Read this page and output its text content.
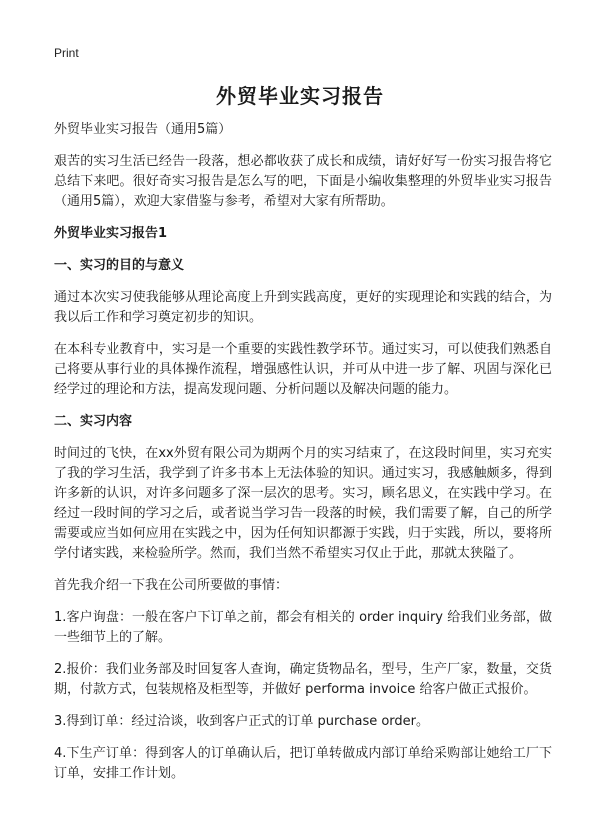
Print
外贸毕业实习报告
外贸毕业实习报告（通用5篇）

艰苦的实习生活已经告一段落，想必都收获了成长和成绩，请好好写一份实习报告将它总结下来吧。很好奇实习报告是怎么写的吧，下面是小编收集整理的外贸毕业实习报告（通用5篇），欢迎大家借鉴与参考，希望对大家有所帮助。

外贸毕业实习报告1
一、实习的目的与意义

通过本次实习使我能够从理论高度上升到实践高度，更好的实现理论和实践的结合，为我以后工作和学习奠定初步的知识。

在本科专业教育中，实习是一个重要的实践性教学环节。通过实习，可以使我们熟悉自己将要从事行业的具体操作流程，增强感性认识，并可从中进一步了解、巩固与深化已经学过的理论和方法，提高发现问题、分析问题以及解决问题的能力。

二、实习内容

时间过的飞快，在xx外贸有限公司为期两个月的实习结束了，在这段时间里，实习充实了我的学习生活，我学到了许多书本上无法体验的知识。通过实习，我感触颇多，得到许多新的认识，对许多问题多了深一层次的思考。实习，顾名思义，在实践中学习。在经过一段时间的学习之后，或者说当学习告一段落的时候，我们需要了解，自己的所学需要或应当如何应用在实践之中，因为任何知识都源于实践，归于实践，所以，要将所学付诸实践，来检验所学。然而，我们当然不希望实习仅止于此，那就太狭隘了。

首先我介绍一下我在公司所要做的事情：

1.客户询盘：一般在客户下订单之前，都会有相关的 order inquiry 给我们业务部，做一些细节上的了解。

2.报价：我们业务部及时回复客人查询，确定货物品名，型号，生产厂家，数量，交货期，付款方式，包装规格及柜型等，并做好 performa invoice 给客户做正式报价。

3.得到订单：经过洽谈，收到客户正式的订单 purchase order。

4.下生产订单：得到客人的订单确认后，把订单转做成内部订单给采购部让她给工厂下订单，安排工作计划。
